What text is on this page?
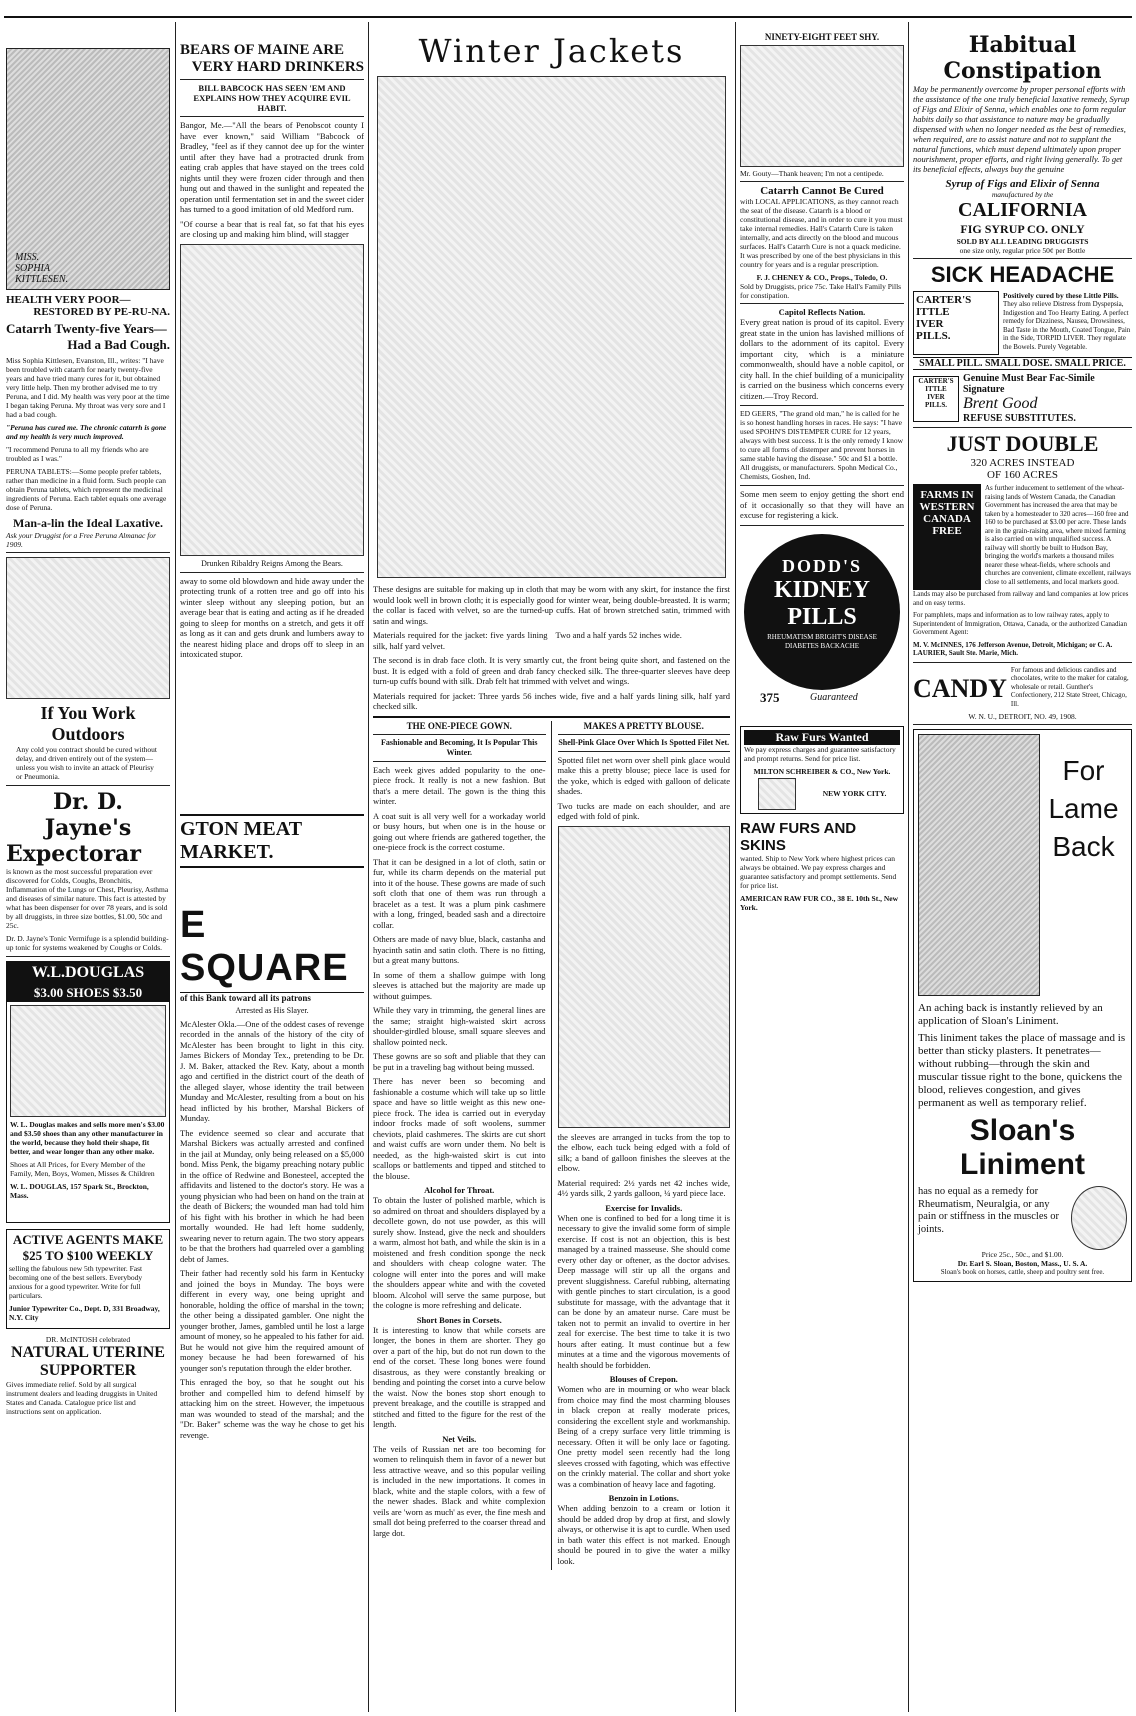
MISS.
SOPHIA
KITTLESEN.
HEALTH VERY POOR—
RESTORED BY PE-RU-NA.
Catarrh Twenty-five Years—
Had a Bad Cough.

Miss Sophia Kittlesen, Evanston, Ill., writes: "I have been troubled with catarrh for nearly twenty-five years and have tried many cures for it, but obtained very little help. Then my brother advised me to try Peruna, and I did. My health was very poor at the time I began taking Peruna. My throat was very sore and I had a bad cough.

"Peruna has cured me. The chronic catarrh is gone and my health is very much improved.

"I recommend Peruna to all my friends who are troubled as I was."

PERUNA TABLETS:—Some people prefer tablets, rather than medicine in a fluid form. Such people can obtain Peruna tablets, which represent the medicinal ingredients of Peruna. Each tablet equals one average dose of Peruna.

Man-a-lin the Ideal Laxative.
Ask your Druggist for a Free Peruna Almanac for 1909.
If You Work
Outdoors

Any cold you contract should be cured without delay, and driven entirely out of the system—unless you wish to invite an attack of Pleurisy or Pneumonia.

Dr. D. Jayne's
Expectorar

is known as the most successful preparation ever discovered for Colds, Coughs, Bronchitis, Inflammation of the Lungs or Chest, Pleurisy, Asthma and diseases of similar nature. This fact is attested by what has been dispenser for over 78 years, and is sold by all druggists, in three size bottles, $1.00, 50c and 25c.

Dr. D. Jayne's Tonic Vermifuge is a splendid building-up tonic for systems weakened by Coughs or Colds.

W.L.DOUGLAS
$3.00 SHOES $3.50

W. L. Douglas makes and sells more men's $3.00 and $3.50 shoes than any other manufacturer in the world, because they hold their shape, fit better, and wear longer than any other make.

Shoes at All Prices, for Every Member of the Family, Men, Boys, Women, Misses & Children

W. L. DOUGLAS, 157 Spark St., Brockton, Mass.

ACTIVE AGENTS MAKE
$25 TO $100 WEEKLY

selling the fabulous new 5th typewriter. Fast becoming one of the best sellers. Everybody anxious for a good typewriter. Write for full particulars.

Junior Typewriter Co., Dept. D, 331 Broadway, N.Y. City

DR. McINTOSH celebrated
NATURAL UTERINE
SUPPORTER

Gives immediate relief. Sold by all surgical instrument dealers and leading druggists in United States and Canada. Catalogue price list and instructions sent on application.

BEARS OF MAINE ARE
VERY HARD DRINKERS
BILL BABCOCK HAS SEEN 'EM AND EXPLAINS HOW THEY ACQUIRE EVIL HABIT.

Bangor, Me.—"All the bears of Penobscot county I have ever known," said William "Babcock of Bradley, "feel as if they cannot dee up for the winter until after they have had a protracted drunk from eating crab apples that have stayed on the trees cold nights until they were frozen cider through and then hung out and thawed in the sunlight and repeated the operation until fermentation set in and the sweet cider has turned to a good imitation of old Medford rum.

"Of course a bear that is real fat, so fat that his eyes are closing up and making him blind, will stagger

Drunken Ribaldry Reigns Among the Bears.

away to some old blowdown and hide away under the protecting trunk of a rotten tree and go off into his winter sleep without any sleeping potion, but an average bear that is eating and acting as if he dreaded going to sleep for months on a stretch, and gets it off as long as it can and gets drunk and lumbers away to the nearest hiding place and drops off to sleep in an intoxicated stupor.

GTON MEAT MARKET.
E SQUARE
of this Bank toward all its patrons
Arrested as His Slayer.

McAlester Okla.—One of the oddest cases of revenge recorded in the annals of the history of the city of McAlester has been brought to light in this city. James Bickers of Monday Tex., pretending to be Dr. J. M. Baker, attacked the Rev. Katy, about a month ago and certified in the district court of the death of the alleged slayer, whose identity the trail between Munday and McAlester, resulting from a bout on his head inflicted by his brother, Marshal Bickers of Munday.

The evidence seemed so clear and accurate that Marshal Bickers was actually arrested and confined in the jail at Munday, only being released on a $5,000 bond. Miss Penk, the bigamy preaching notary public in the office of Redwine and Bonesteel, accepted the affidavits and listened to the doctor's story. He was a young physician who had been on hand on the train at the death of Bickers; the wounded man had told him of his fight with his brother in which he had been mortally wounded. He had left home suddenly, swearing never to return again. The two story appears to be that the brothers had quarreled over a gambling debt of James.

Their father had recently sold his farm in Kentucky and joined the boys in Munday. The boys were different in every way, one being upright and honorable, holding the office of marshal in the town; the other being a dissipated gambler. One night the younger brother, James, gambled until he lost a large amount of money, so he appealed to his father for aid. But he would not give him the required amount of money because he had been forewarned of his younger son's reputation through the elder brother.

This enraged the boy, so that he sought out his brother and compelled him to defend himself by attacking him on the street. However, the impetuous man was wounded to stead of the marshal; and the "Dr. Baker" scheme was the way he chose to get his revenge.

Winter Jackets

These designs are suitable for making up in cloth that may be worn with any skirt, for instance the first would look well in brown cloth; it is especially good for winter wear, being double-breasted. It is warm; the collar is faced with velvet, so are the turned-up cuffs. Hat of brown stretched satin, trimmed with satin and wings.

Materials required for the jacket: five yards lining silk, half yard velvet.

Two and a half yards 52 inches wide.

The second is in drab face cloth. It is very smartly cut, the front being quite short, and fastened on the bust. It is edged with a fold of green and drab fancy checked silk. The three-quarter sleeves have deep turn-up cuffs bound with silk. Drab felt hat trimmed with velvet and wings.

Materials required for jacket: Three yards 56 inches wide, five and a half yards lining silk, half yard checked silk.

THE ONE-PIECE GOWN.
Fashionable and Becoming, It Is Popular This Winter.

Each week gives added popularity to the one-piece frock. It really is not a new fashion. But that's a mere detail. The gown is the thing this winter.

A coat suit is all very well for a workaday world or busy hours, but when one is in the house or going out where friends are gathered together, the one-piece frock is the correct costume.

That it can be designed in a lot of cloth, satin or fur, while its charm depends on the material put into it of the house. These gowns are made of such soft cloth that one of them was run through a bracelet as a test. It was a plum pink cashmere with a long, fringed, beaded sash and a directoire collar.

Others are made of navy blue, black, castanha and hyacinth satin and satin cloth. There is no fitting, but a great many buttons.

In some of them a shallow guimpe with long sleeves is attached but the majority are made up without guimpes.

While they vary in trimming, the general lines are the same; straight high-waisted skirt across shoulder-girdled blouse, small square sleeves and shallow pointed neck.

These gowns are so soft and pliable that they can be put in a traveling bag without being mussed.

There has never been so becoming and fashionable a costume which will take up so little space and have so little weight as this new one-piece frock. The idea is carried out in everyday indoor frocks made of soft woolens, summer cheviots, plaid cashmeres. The skirts are cut short and waist cuffs are worn under them. No belt is needed, as the high-waisted skirt is cut into scallops or battlements and tipped and stitched to the blouse.

Alcohol for Throat.

To obtain the luster of polished marble, which is so admired on throat and shoulders displayed by a decollete gown, do not use powder, as this will surely show. Instead, give the neck and shoulders a warm, almost hot bath, and while the skin is in a moistened and fresh condition sponge the neck and shoulders with cheap cologne water. The cologne will enter into the pores and will make the shoulders appear white and with the coveted bloom. Alcohol will serve the same purpose, but the cologne is more refreshing and delicate.

Short Bones in Corsets.

It is interesting to know that while corsets are longer, the bones in them are shorter. They go over a part of the hip, but do not run down to the end of the corset. These long bones were found disastrous, as they were constantly breaking or bending and pointing the corset into a curve below the waist. Now the bones stop short enough to prevent breakage, and the coutille is strapped and stitched and fitted to the figure for the rest of the length.

Net Veils.

The veils of Russian net are too becoming for women to relinquish them in favor of a newer but less attractive weave, and so this popular veiling is included in the new importations. It comes in black, white and the staple colors, with a few of the newer shades. Black and white complexion veils are 'worn as much' as ever, the fine mesh and small dot being preferred to the coarser thread and large dot.

MAKES A PRETTY BLOUSE.
Shell-Pink Glace Over Which Is Spotted Filet Net.

Spotted filet net worn over shell pink glace would make this a pretty blouse; piece lace is used for the yoke, which is edged with galloon of delicate shades.

Two tucks are made on each shoulder, and are edged with fold of pink.

the sleeves are arranged in tucks from the top to the elbow, each tuck being edged with a fold of silk; a band of galloon finishes the sleeves at the elbow.

Material required: 2½ yards net 42 inches wide, 4½ yards silk, 2 yards galloon, ¼ yard piece lace.

Exercise for Invalids.

When one is confined to bed for a long time it is necessary to give the invalid some form of simple exercise. If cost is not an objection, this is best managed by a trained masseuse. She should come every other day or oftener, as the doctor advises. Deep massage will stir up all the organs and prevent sluggishness. Careful rubbing, alternating with gentle pinches to start circulation, is a good substitute for massage, with the advantage that it can be done by an amateur nurse. Care must be taken not to permit an invalid to overtire in her zeal for exercise. The best time to take it is two hours after eating. It must continue but a few minutes at a time and the vigorous movements of health should be forbidden.

Blouses of Crepon.

Women who are in mourning or who wear black from choice may find the most charming blouses in black crepon at really moderate prices, considering the excellent style and workmanship. Being of a crepy surface very little trimming is necessary. Often it will be only lace or fagoting. One pretty model seen recently had the long sleeves crossed with fagoting, which was effective on the crinkly material. The collar and short yoke was a combination of heavy lace and fagoting.

Benzoin in Lotions.

When adding benzoin to a cream or lotion it should be added drop by drop at first, and slowly always, or otherwise it is apt to curdle. When used in bath water this effect is not marked. Enough should be poured in to give the water a milky look.

NINETY-EIGHT FEET SHY.
Mr. Gouty—Thank heaven; I'm not a centipede.
Catarrh Cannot Be Cured

with LOCAL APPLICATIONS, as they cannot reach the seat of the disease. Catarrh is a blood or constitutional disease, and in order to cure it you must take internal remedies. Hall's Catarrh Cure is taken internally, and acts directly on the blood and mucous surfaces. Hall's Catarrh Cure is not a quack medicine. It was prescribed by one of the best physicians in this country for years and is a regular prescription.

F. J. CHENEY & CO., Props., Toledo, O.
Sold by Druggists, price 75c. Take Hall's Family Pills for constipation.
Capitol Reflects Nation.

Every great nation is proud of its capitol. Every great state in the union has lavished millions of dollars to the adornment of its capitol. Every important city, which is a miniature commonwealth, should have a noble capitol, or city hall. In the chief building of a municipality is carried on the business which concerns every citizen.—Troy Record.

ED GEERS, "The grand old man," he is called for he is so honest handling horses in races. He says: "I have used SPOHN'S DISTEMPER CURE for 12 years, always with best success. It is the only remedy I know to cure all forms of distemper and prevent horses in same stable having the disease." 50c and $1 a bottle. All druggists, or manufacturers. Spohn Medical Co., Chemists, Goshen, Ind.

Some men seem to enjoy getting the short end of it occasionally so that they will have an excuse for registering a kick.

DODD'S
KIDNEY
PILLS
RHEUMATISM BRIGHT'S DISEASE DIABETES BACKACHE
375	Guaranteed
Raw Furs Wanted

We pay express charges and guarantee satisfactory and prompt returns. Send for price list.

MILTON SCHREIBER & CO., New York.
NEW YORK CITY.
RAW FURS AND SKINS

wanted. Ship to New York where highest prices can always be obtained. We pay express charges and guarantee satisfactory and prompt settlements. Send for price list.

AMERICAN RAW FUR CO., 38 E. 10th St., New York.
Habitual
Constipation

May be permanently overcome by proper personal efforts with the assistance of the one truly beneficial laxative remedy, Syrup of Figs and Elixir of Senna, which enables one to form regular habits daily so that assistance to nature may be gradually dispensed with when no longer needed as the best of remedies, when required, are to assist nature and not to supplant the natural functions, which must depend ultimately upon proper nourishment, proper efforts, and right living generally. To get its beneficial effects, always buy the genuine

Syrup of Figs and Elixir of Senna
manufactured by the
CALIFORNIA
FIG SYRUP CO. ONLY
SOLD BY ALL LEADING DRUGGISTS
one size only, regular price 50¢ per Bottle
SICK HEADACHE
CARTER'S
ITTLE
IVER
PILLS.
Positively cured by these Little Pills.

They also relieve Distress from Dyspepsia, Indigestion and Too Hearty Eating. A perfect remedy for Dizziness, Nausea, Drowsiness, Bad Taste in the Mouth, Coated Tongue, Pain in the Side, TORPID LIVER. They regulate the Bowels. Purely Vegetable.

SMALL PILL. SMALL DOSE. SMALL PRICE.
CARTER'S
ITTLE
IVER
PILLS.
Genuine Must Bear Fac-Simile Signature
Brent Good
REFUSE SUBSTITUTES.
JUST DOUBLE
320 ACRES INSTEAD
OF 160 ACRES
FARMS IN
WESTERN
CANADA
FREE

As further inducement to settlement of the wheat-raising lands of Western Canada, the Canadian Government has increased the area that may be taken by a homesteader to 320 acres—160 free and 160 to be purchased at $3.00 per acre. These lands are in the grain-raising area, where mixed farming is also carried on with unqualified success. A railway will shortly be built to Hudson Bay, bringing the world's markets a thousand miles nearer these wheat-fields, where schools and churches are convenient, climate excellent, railways close to all settlements, and local markets good.

Lands may also be purchased from railway and land companies at low prices and on easy terms.

For pamphlets, maps and information as to low railway rates, apply to Superintendent of Immigration, Ottawa, Canada, or the authorized Canadian Government Agent:

M. V. McINNES, 176 Jefferson Avenue, Detroit, Michigan; or C. A. LAURIER, Sault Ste. Marie, Mich.

CANDY

For famous and delicious candies and chocolates, write to the maker for catalog, wholesale or retail. Gunther's Confectionery, 212 State Street, Chicago, Ill.

W. N. U., DETROIT, NO. 49, 1908.
For
Lame
Back

An aching back is instantly relieved by an application of Sloan's Liniment.

This liniment takes the place of massage and is better than sticky plasters. It penetrates—without rubbing—through the skin and muscular tissue right to the bone, quickens the blood, relieves congestion, and gives permanent as well as temporary relief.

Sloan's
Liniment

has no equal as a remedy for Rheumatism, Neuralgia, or any pain or stiffness in the muscles or joints.

Price 25c., 50c., and $1.00.
Dr. Earl S. Sloan, Boston, Mass., U. S. A.
Sloan's book on horses, cattle, sheep and poultry sent free.
